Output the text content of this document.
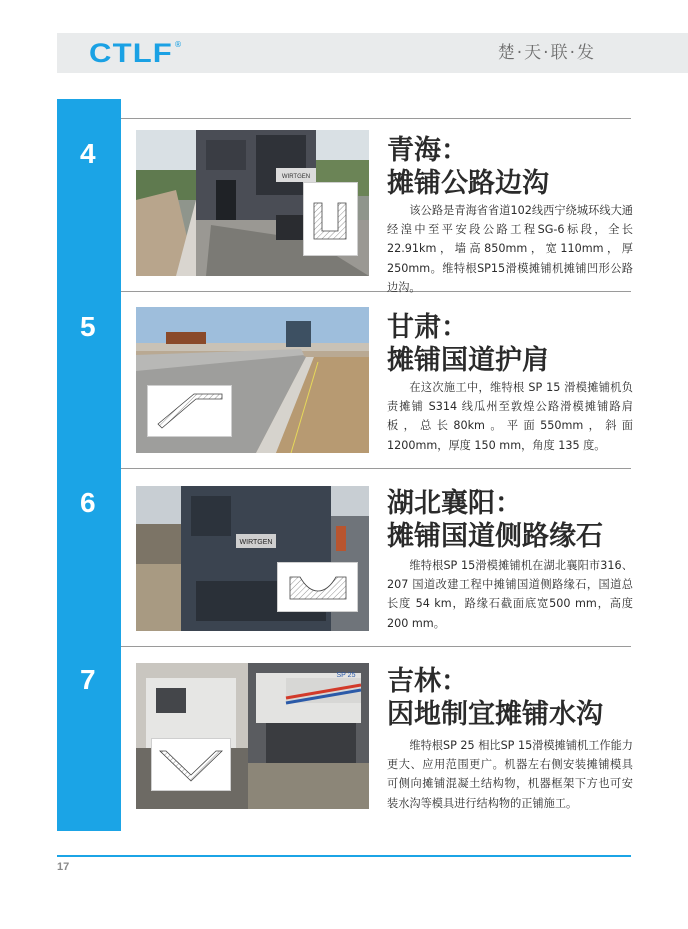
CTLF ®	楚·天·联·发
4
5
6
7
WIRTGEN
青海：
摊铺公路边沟
该公路是青海省省道102线西宁绕城环线大通经湟中至平安段公路工程SG-6标段，全长22.91km，墙高850mm，宽110mm，厚250mm。维特根SP15滑模摊铺机摊铺凹形公路边沟。
甘肃：
摊铺国道护肩
在这次施工中，维特根 SP 15 滑模摊铺机负责摊铺 S314 线瓜州至敦煌公路滑模摊铺路肩板，总长80km。平面550mm，斜面1200mm，厚度 150 mm，角度 135 度。
WIRTGEN
湖北襄阳：
摊铺国道侧路缘石
维特根SP 15滑模摊铺机在湖北襄阳市316、207 国道改建工程中摊铺国道侧路缘石，国道总长度 54 km，路缘石截面底宽500 mm，高度 200 mm。
SP 25 吉林：
因地制宜摊铺水沟
维特根SP 25 相比SP 15滑模摊铺机工作能力更大、应用范围更广。机器左右侧安装摊铺模具可侧向摊铺混凝土结构物，机器框架下方也可安装水沟等模具进行结构物的正铺施工。
17
